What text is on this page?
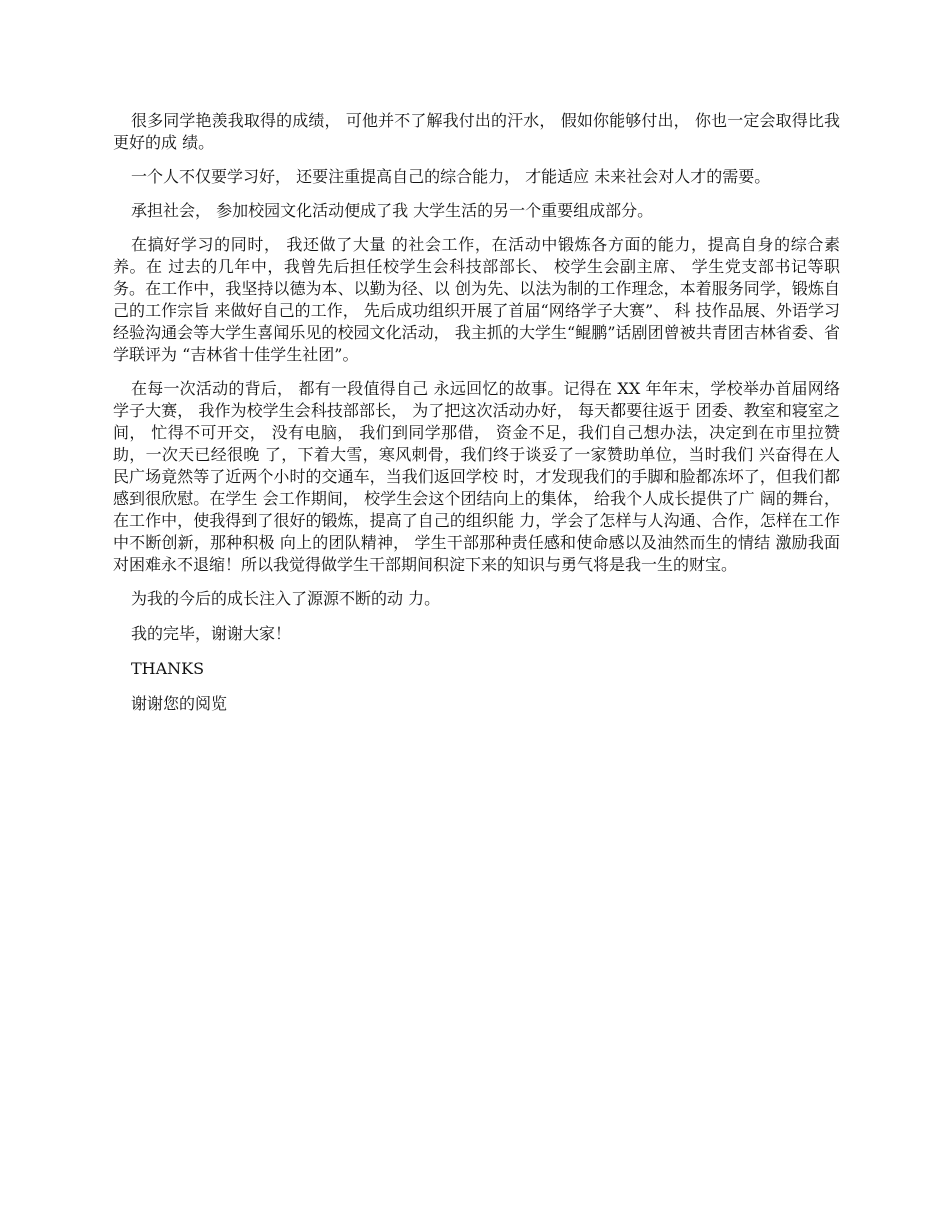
很多同学艳羡我取得的成绩， 可他并不了解我付出的汗水， 假如你能够付出， 你也一定会取得比我更好的成 绩。

一个人不仅要学习好， 还要注重提高自己的综合能力， 才能适应 未来社会对人才的需要。

承担社会， 参加校园文化活动便成了我 大学生活的另一个重要组成部分。

在搞好学习的同时， 我还做了大量 的社会工作，在活动中锻炼各方面的能力，提高自身的综合素养。在 过去的几年中，我曾先后担任校学生会科技部部长、 校学生会副主席、 学生党支部书记等职务。在工作中，我坚持以德为本、以勤为径、以 创为先、以法为制的工作理念，本着服务同学，锻炼自己的工作宗旨 来做好自己的工作， 先后成功组织开展了首届“网络学子大赛”、 科 技作品展、外语学习经验沟通会等大学生喜闻乐见的校园文化活动， 我主抓的大学生“鲲鹏”话剧团曾被共青团吉林省委、省学联评为 “吉林省十佳学生社团”。

在每一次活动的背后， 都有一段值得自己 永远回忆的故事。记得在 XX 年年末，学校举办首届网络学子大赛， 我作为校学生会科技部部长， 为了把这次活动办好， 每天都要往返于 团委、教室和寝室之间， 忙得不可开交， 没有电脑， 我们到同学那借， 资金不足，我们自己想办法，决定到在市里拉赞助，一次天已经很晚 了，下着大雪，寒风刺骨，我们终于谈妥了一家赞助单位，当时我们 兴奋得在人民广场竟然等了近两个小时的交通车，当我们返回学校 时，才发现我们的手脚和脸都冻坏了，但我们都感到很欣慰。在学生 会工作期间， 校学生会这个团结向上的集体， 给我个人成长提供了广 阔的舞台，在工作中，使我得到了很好的锻炼，提高了自己的组织能 力，学会了怎样与人沟通、合作，怎样在工作中不断创新，那种积极 向上的团队精神， 学生干部那种责任感和使命感以及油然而生的情结 激励我面对困难永不退缩！所以我觉得做学生干部期间积淀下来的知识与勇气将是我一生的财宝。

为我的今后的成长注入了源源不断的动 力。

我的完毕，谢谢大家！

THANKS

谢谢您的阅览
